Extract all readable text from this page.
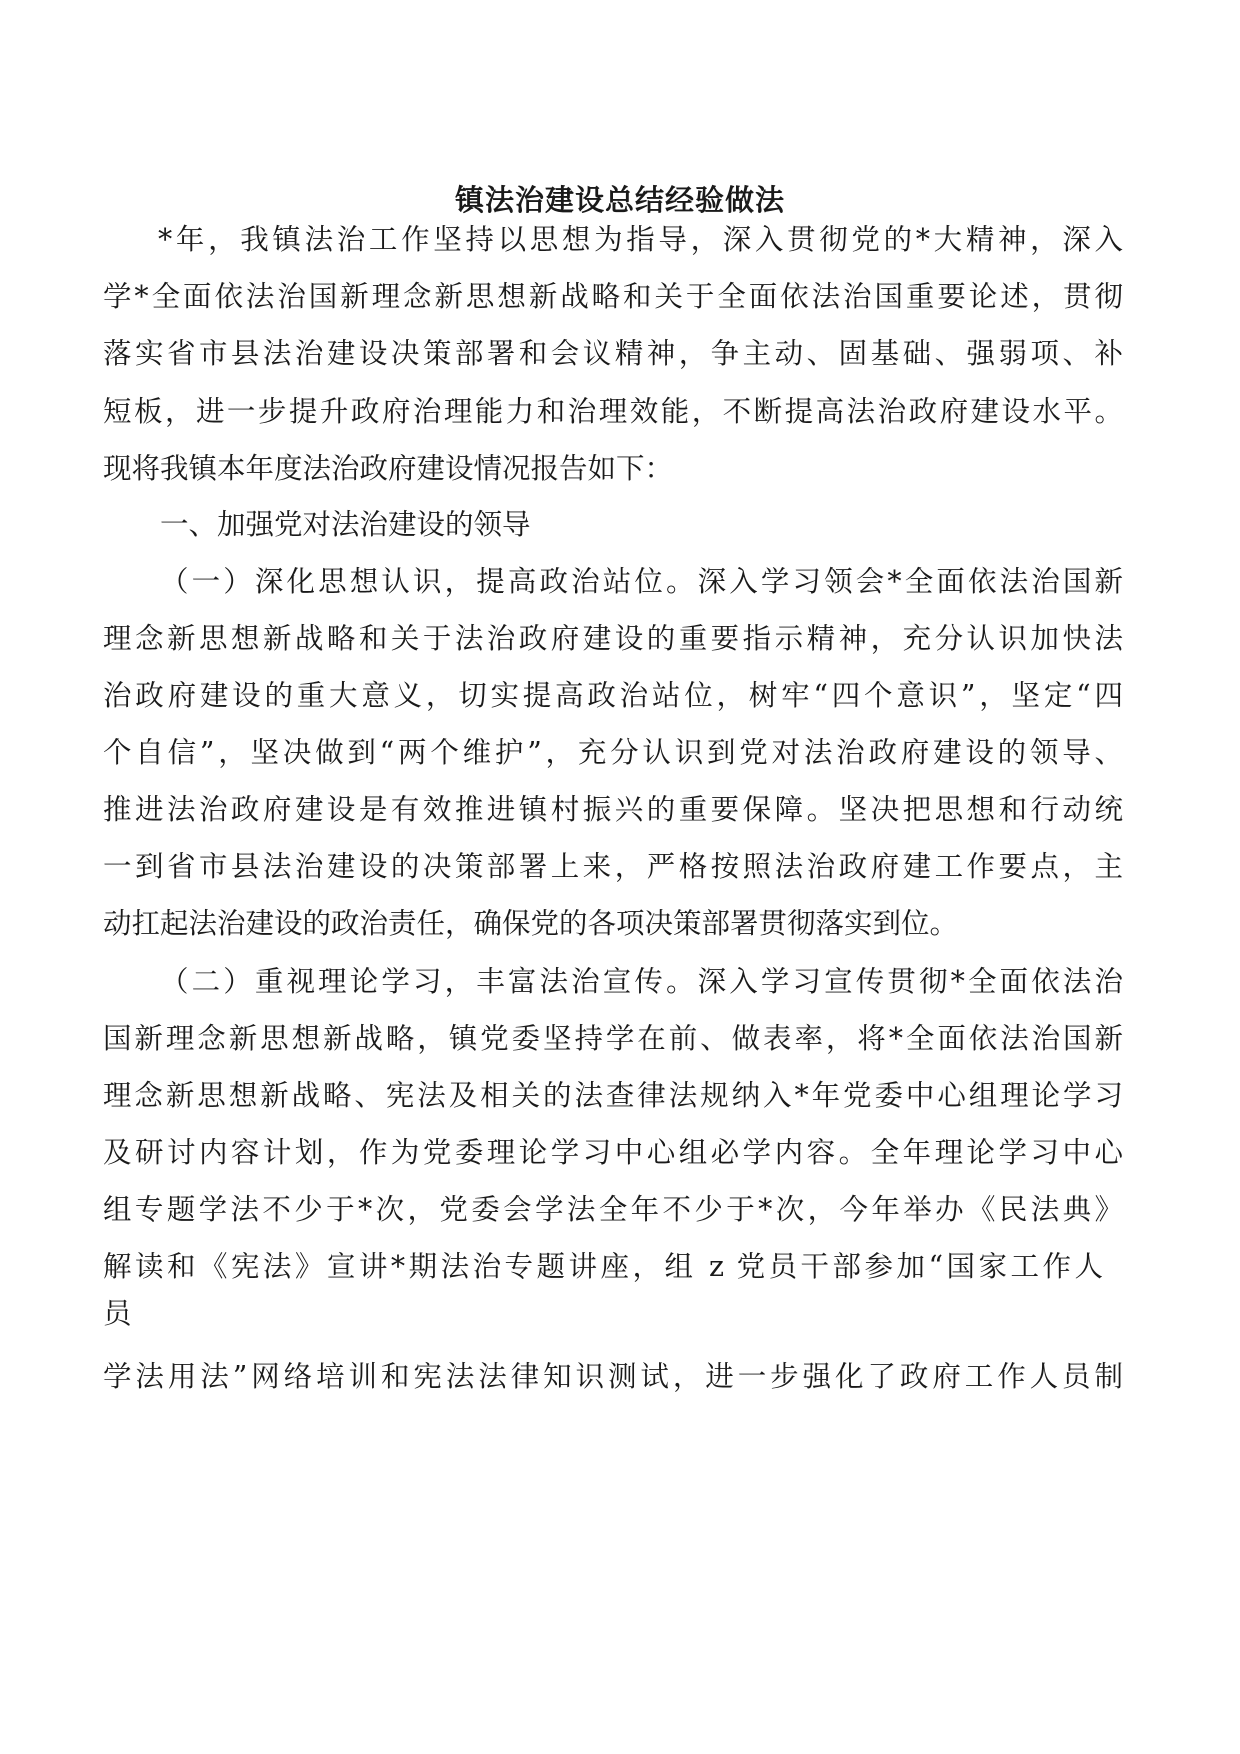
镇法治建设总结经验做法
*年，我镇法治工作坚持以思想为指导，深入贯彻党的*大精神，深入
学*全面依法治国新理念新思想新战略和关于全面依法治国重要论述，贯彻
落实省市县法治建设决策部署和会议精神，争主动、固基础、强弱项、补
短板，进一步提升政府治理能力和治理效能，不断提高法治政府建设水平。
现将我镇本年度法治政府建设情况报告如下：
一、加强党对法治建设的领导
（一）深化思想认识，提高政治站位。深入学习领会*全面依法治国新
理念新思想新战略和关于法治政府建设的重要指示精神，充分认识加快法
治政府建设的重大意义，切实提高政治站位，树牢“四个意识”，坚定“四
个自信”，坚决做到“两个维护”，充分认识到党对法治政府建设的领导、
推进法治政府建设是有效推进镇村振兴的重要保障。坚决把思想和行动统
一到省市县法治建设的决策部署上来，严格按照法治政府建工作要点，主
动扛起法治建设的政治责任，确保党的各项决策部署贯彻落实到位。
（二）重视理论学习，丰富法治宣传。深入学习宣传贯彻*全面依法治
国新理念新思想新战略，镇党委坚持学在前、做表率，将*全面依法治国新
理念新思想新战略、宪法及相关的法查律法规纳入*年党委中心组理论学习
及研讨内容计划，作为党委理论学习中心组必学内容。全年理论学习中心
组专题学法不少于*次，党委会学法全年不少于*次，今年举办《民法典》
解读和《宪法》宣讲*期法治专题讲座，组 z 党员干部参加“国家工作人
员
学法用法”网络培训和宪法法律知识测试，进一步强化了政府工作人员制
